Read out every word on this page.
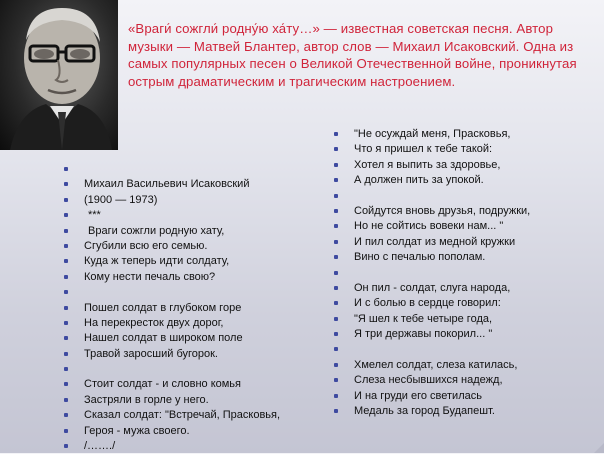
«Враги́ сожгли́ родну́ю ха́ту…» — известная советская песня. Автор музыки — Матвей Блантер, автор слов — Михаил Исаковский. Одна из самых популярных песен о Великой Отечественной войне, проникнутая острым драматическим и трагическим настроением.

Михаил Васильевич Исаковский
(1900 — 1973)
***
Враги сожгли родную хату,
Сгубили всю его семью.
Куда ж теперь идти солдату,
Кому нести печаль свою?
Пошел солдат в глубоком горе
На перекресток двух дорог,
Нашел солдат в широком поле
Травой заросший бугорок.
Стоит солдат - и словно комья
Застряли в горле у него.
Сказал солдат: "Встречай, Прасковья,
Героя - мужа своего.
/……./
"Не осуждай меня, Прасковья,
Что я пришел к тебе такой:
Хотел я выпить за здоровье,
А должен пить за упокой.
Сойдутся вновь друзья, подружки,
Но не сойтись вовеки нам... "
И пил солдат из медной кружки
Вино с печалью пополам.
Он пил - солдат, слуга народа,
И с болью в сердце говорил:
"Я шел к тебе четыре года,
Я три державы покорил... "
Хмелел солдат, слеза катилась,
Слеза несбывшихся надежд,
И на груди его светилась
Медаль за город Будапешт.
